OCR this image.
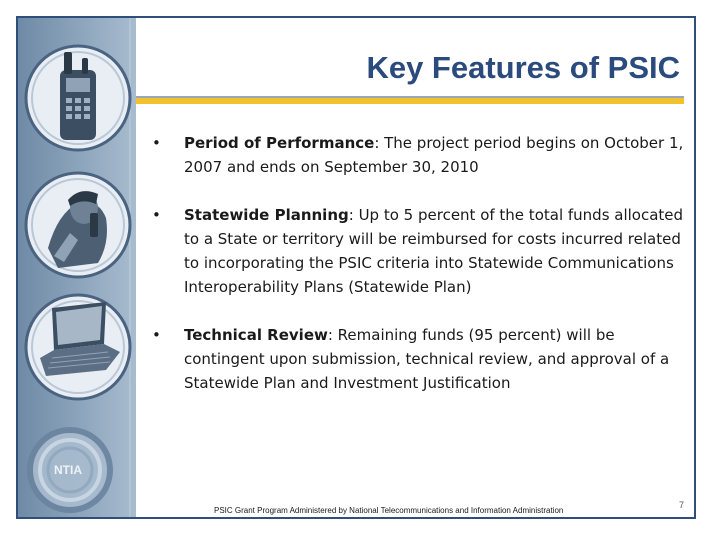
NTIA
Key Features of PSIC
• Period of Performance: The project period begins on October 1, 2007 and ends on September 30, 2010
• Statewide Planning: Up to 5 percent of the total funds allocated to a State or territory will be reimbursed for costs incurred related to incorporating the PSIC criteria into Statewide Communications Interoperability Plans (Statewide Plan)
• Technical Review: Remaining funds (95 percent) will be contingent upon submission, technical review, and approval of a Statewide Plan and Investment Justification
PSIC Grant Program Administered by National Telecommunications and Information Administration
7
